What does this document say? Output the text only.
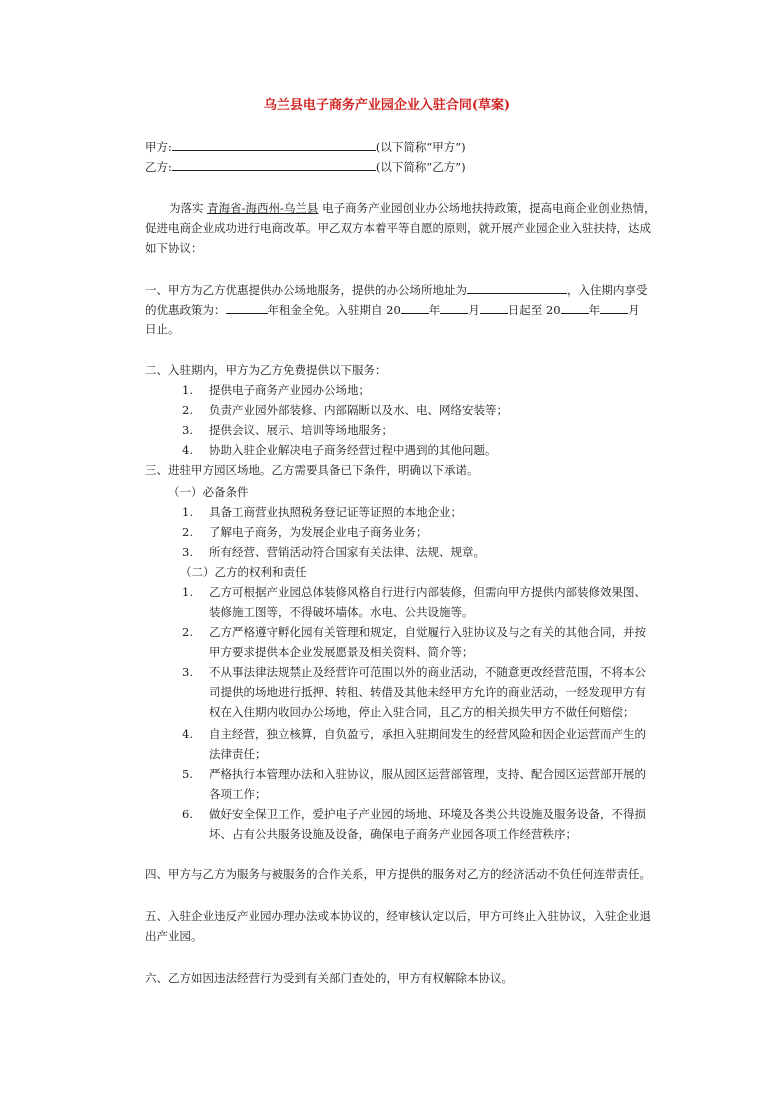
乌兰县电子商务产业园企业入驻合同(草案)
甲方:	(以下简称“甲方”)
乙方:	(以下简称“乙方”)
为落实 青海省-海西州-乌兰县 电子商务产业园创业办公场地扶持政策，提高电商企业创业热情，
促进电商企业成功进行电商改革。甲乙双方本着平等自愿的原则，就开展产业园企业入驻扶持，达成
如下协议：
一、甲方为乙方优惠提供办公场地服务，提供的办公场所地址为	，入住期内享受
的优惠政策为：	年租金全免。入驻期自 20 年 月 日起至 20 年 月
日止。
二、入驻期内，甲方为乙方免费提供以下服务：
1. 提供电子商务产业园办公场地；
2. 负责产业园外部装修、内部隔断以及水、电、网络安装等；
3. 提供会议、展示、培训等场地服务；
4. 协助入驻企业解决电子商务经营过程中遇到的其他问题。
三、进驻甲方园区场地。乙方需要具备已下条件，明确以下承诺。
（一）必备条件
1. 具备工商营业执照税务登记证等证照的本地企业；
2. 了解电子商务，为发展企业电子商务业务；
3. 所有经营、营销活动符合国家有关法律、法规、规章。
（二）乙方的权利和责任
1. 乙方可根据产业园总体装修风格自行进行内部装修，但需向甲方提供内部装修效果图、
装修施工图等，不得破坏墙体。水电、公共设施等。
2. 乙方严格遵守孵化园有关管理和规定，自觉履行入驻协议及与之有关的其他合同，并按
甲方要求提供本企业发展愿景及相关资料、简介等；
3. 不从事法律法规禁止及经营许可范围以外的商业活动，不随意更改经营范围，不将本公
司提供的场地进行抵押、转租、转借及其他未经甲方允许的商业活动，一经发现甲方有
权在入住期内收回办公场地，停止入驻合同，且乙方的相关损失甲方不做任何赔偿；
4. 自主经营，独立核算，自负盈亏，承担入驻期间发生的经营风险和因企业运营而产生的
法律责任；
5. 严格执行本管理办法和入驻协议，服从园区运营部管理，支持、配合园区运营部开展的
各项工作；
6. 做好安全保卫工作，爱护电子产业园的场地、环境及各类公共设施及服务设备，不得损
坏、占有公共服务设施及设备，确保电子商务产业园各项工作经营秩序；
四、甲方与乙方为服务与被服务的合作关系，甲方提供的服务对乙方的经济活动不负任何连带责任。
五、入驻企业违反产业园办理办法或本协议的，经审核认定以后，甲方可终止入驻协议，入驻企业退
出产业园。
六、乙方如因违法经营行为受到有关部门查处的，甲方有权解除本协议。
